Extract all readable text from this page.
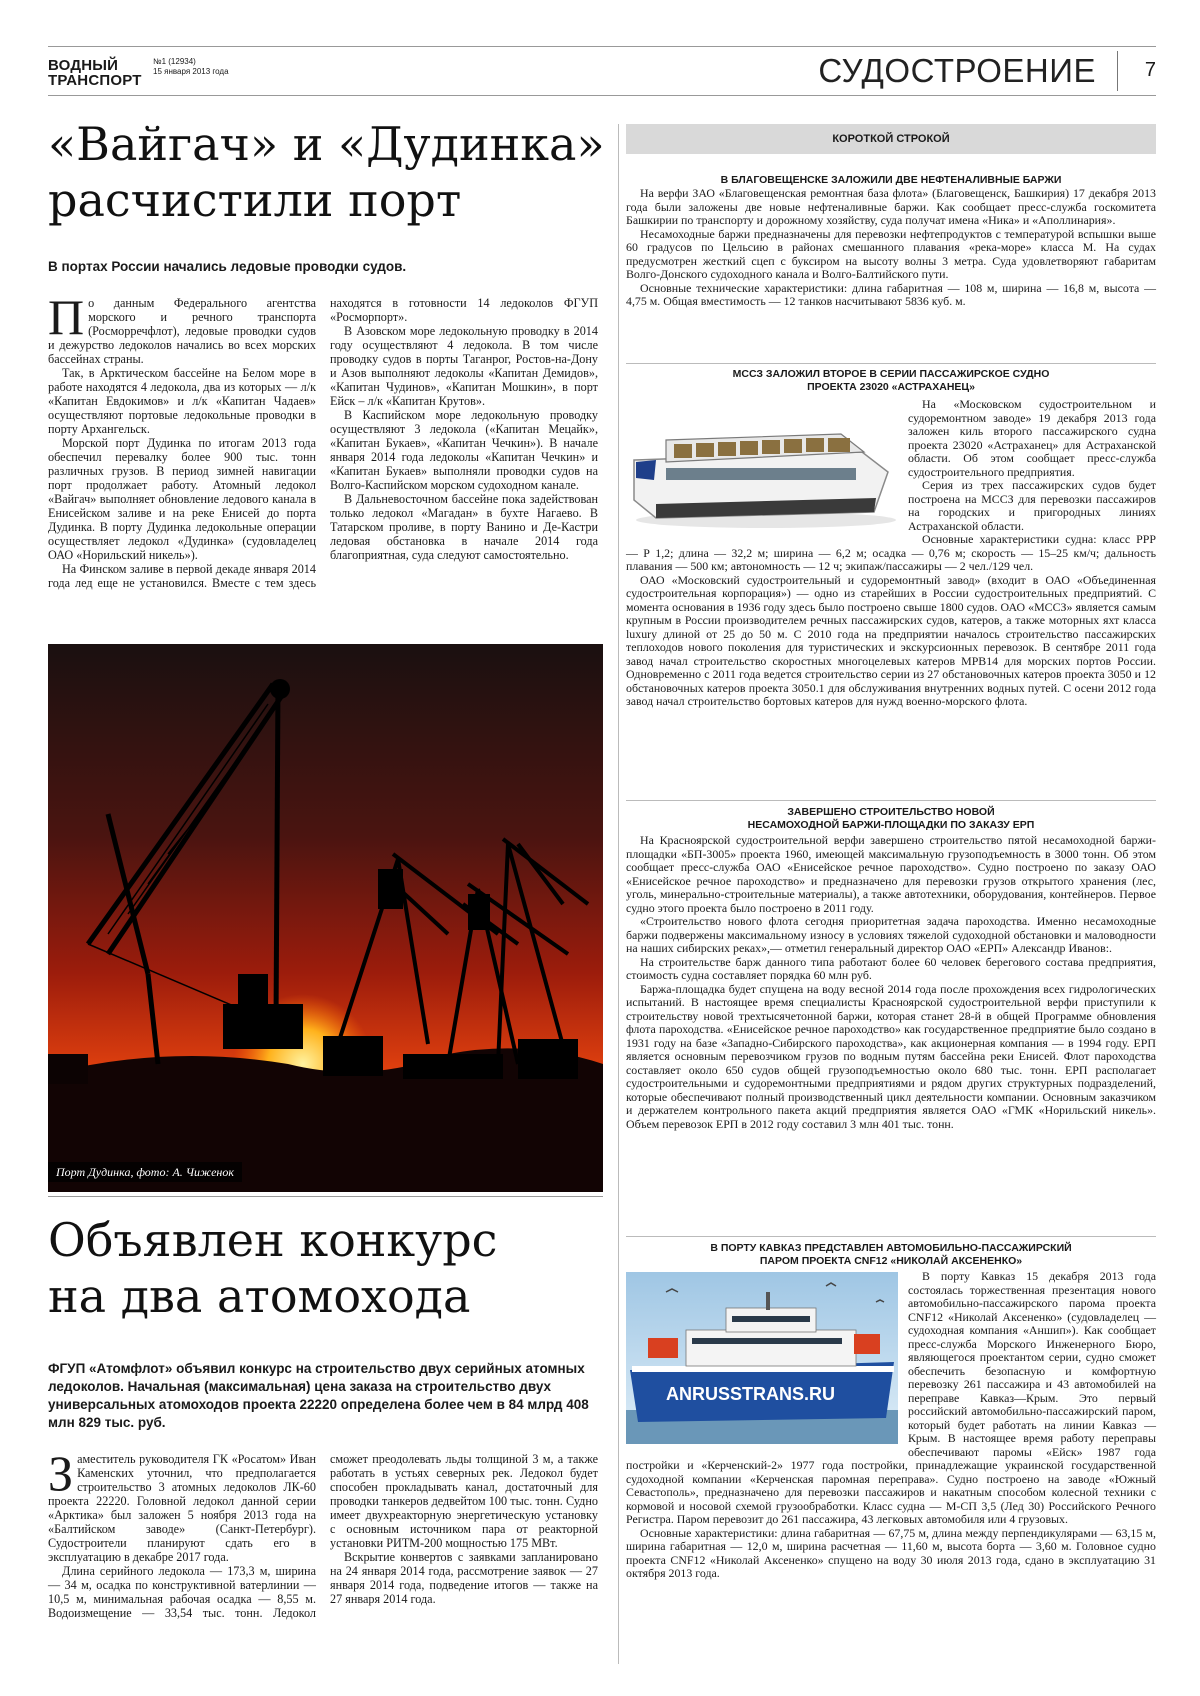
ВОДНЫЙ
ТРАНСПОРТ
№1 (12934)
15 января 2013 года	СУДОСТРОЕНИЕ	7
«Вайгач» и «Дудинка»
расчистили порт
В портах России начались ледовые проводки судов.

По данным Федерального агентства морского и речного транспорта (Росморречфлот), ледовые проводки судов и дежурство ледоколов начались во всех морских бассейнах страны.

Так, в Арктическом бассейне на Белом море в работе находятся 4 ледокола, два из которых — л/к «Капитан Евдокимов» и л/к «Капитан Чадаев» осуществляют портовые ледокольные проводки в порту Архангельск.

Морской порт Дудинка по итогам 2013 года обеспечил перевалку более 900 тыс. тонн различных грузов. В период зимней навигации порт продолжает работу. Атомный ледокол «Вайгач» выполняет обновление ледового канала в Енисейском заливе и на реке Енисей до порта Дудинка. В порту Дудинка ледокольные операции осуществляет ледокол «Дудинка» (судовладелец ОАО «Норильский никель»).

На Финском заливе в первой декаде января 2014 года лед еще не установился. Вместе с тем здесь находятся в готовности 14 ледоколов ФГУП «Росморпорт».

В Азовском море ледокольную проводку в 2014 году осуществляют 4 ледокола. В том числе проводку судов в порты Таганрог, Ростов-на-Дону и Азов выполняют ледоколы «Капитан Демидов», «Капитан Чудинов», «Капитан Мошкин», в порт Ейск – л/к «Капитан Крутов».

В Каспийском море ледокольную проводку осуществляют 3 ледокола («Капитан Мецайк», «Капитан Букаев», «Капитан Чечкин»). В начале января 2014 года ледоколы «Капитан Чечкин» и «Капитан Букаев» выполняли проводки судов на Волго-Каспийском морском судоходном канале.

В Дальневосточном бассейне пока задействован только ледокол «Магадан» в бухте Нагаево. В Татарском проливе, в порту Ванино и Де-Кастри ледовая обстановка в начале 2014 года благоприятная, суда следуют самостоятельно.

Порт Дудинка, фото: А. Чиженок
Объявлен конкурс
на два атомохода
ФГУП «Атомфлот» объявил конкурс на строительство двух серийных атомных ледоколов. Начальная (максимальная) цена заказа на строительство двух универсальных атомоходов проекта 22220 определена более чем в 84 млрд 408 млн 829 тыс. руб.

Заместитель руководителя ГК «Росатом» Иван Каменских уточнил, что предполагается строительство 3 атомных ледоколов ЛК-60 проекта 22220. Головной ледокол данной серии «Арктика» был заложен 5 ноября 2013 года на «Балтийском заводе» (Санкт-Петербург). Судостроители планируют сдать его в эксплуатацию в декабре 2017 года.

Длина серийного ледокола — 173,3 м, ширина — 34 м, осадка по конструктивной ватерлинии — 10,5 м, минимальная рабочая осадка — 8,55 м. Водоизмещение — 33,54 тыс. тонн. Ледокол сможет преодолевать льды толщиной 3 м, а также работать в устьях северных рек. Ледокол будет способен прокладывать канал, достаточный для проводки танкеров дедвейтом 100 тыс. тонн. Судно имеет двухреакторную энергетическую установку с основным источником пара от реакторной установки РИТМ-200 мощностью 175 МВт.

Вскрытие конвертов с заявками запланировано на 24 января 2014 года, рассмотрение заявок — 27 января 2014 года, подведение итогов — также на 27 января 2014 года.

КОРОТКОЙ СТРОКОЙ
В БЛАГОВЕЩЕНСКЕ ЗАЛОЖИЛИ ДВЕ НЕФТЕНАЛИВНЫЕ БАРЖИ

На верфи ЗАО «Благовещенская ремонтная база флота» (Благовещенск, Башкирия) 17 декабря 2013 года были заложены две новые нефтеналивные баржи. Как сообщает пресс-служба госкомитета Башкирии по транспорту и дорожному хозяйству, суда получат имена «Ника» и «Аполлинария».

Несамоходные баржи предназначены для перевозки нефтепродуктов с температурой вспышки выше 60 градусов по Цельсию в районах смешанного плавания «река-море» класса М. На судах предусмотрен жесткий сцеп с буксиром на высоту волны 3 метра. Суда удовлетворяют габаритам Волго-Донского судоходного канала и Волго-Балтийского пути.

Основные технические характеристики: длина габаритная — 108 м, ширина — 16,8 м, высота — 4,75 м. Общая вместимость — 12 танков насчитывают 5836 куб. м.

МССЗ ЗАЛОЖИЛ ВТОРОЕ В СЕРИИ ПАССАЖИРСКОЕ СУДНО
ПРОЕКТА 23020 «АСТРАХАНЕЦ»

На «Московском судостроительном и судоремонтном заводе» 19 декабря 2013 года заложен киль второго пассажирского судна проекта 23020 «Астраханец» для Астраханской области. Об этом сообщает пресс-служба судостроительного предприятия.

Серия из трех пассажирских судов будет построена на МССЗ для перевозки пассажиров на городских и пригородных линиях Астраханской области.

Основные характеристики судна: класс РРР — Р 1,2; длина — 32,2 м; ширина — 6,2 м; осадка — 0,76 м; скорость — 15–25 км/ч; дальность плавания — 500 км; автономность — 12 ч; экипаж/пассажиры — 2 чел./129 чел.

ОАО «Московский судостроительный и судоремонтный завод» (входит в ОАО «Объединенная судостроительная корпорация») — одно из старейших в России судостроительных предприятий. С момента основания в 1936 году здесь было построено свыше 1800 судов. ОАО «МССЗ» является самым крупным в России производителем речных пассажирских судов, катеров, а также моторных яхт класса luxury длиной от 25 до 50 м. С 2010 года на предприятии началось строительство пассажирских теплоходов нового поколения для туристических и экскурсионных перевозок. В сентябре 2011 года завод начал строительство скоростных многоцелевых катеров МРВ14 для морских портов России. Одновременно с 2011 года ведется строительство серии из 27 обстановочных катеров проекта 3050 и 12 обстановочных катеров проекта 3050.1 для обслуживания внутренних водных путей. С осени 2012 года завод начал строительство бортовых катеров для нужд военно-морского флота.

ЗАВЕРШЕНО СТРОИТЕЛЬСТВО НОВОЙ
НЕСАМОХОДНОЙ БАРЖИ-ПЛОЩАДКИ ПО ЗАКАЗУ ЕРП

На Красноярской судостроительной верфи завершено строительство пятой несамоходной баржи-площадки «БП-3005» проекта 1960, имеющей максимальную грузоподъемность в 3000 тонн. Об этом сообщает пресс-служба ОАО «Енисейское речное пароходство». Судно построено по заказу ОАО «Енисейское речное пароходство» и предназначено для перевозки грузов открытого хранения (лес, уголь, минерально-строительные материалы), а также автотехники, оборудования, контейнеров. Первое судно этого проекта было построено в 2011 году.

«Строительство нового флота сегодня приоритетная задача пароходства. Именно несамоходные баржи подвержены максимальному износу в условиях тяжелой судоходной обстановки и маловодности на наших сибирских реках»,— отметил генеральный директор ОАО «ЕРП» Александр Иванов:.

На строительстве барж данного типа работают более 60 человек берегового состава предприятия, стоимость судна составляет порядка 60 млн руб.

Баржа-площадка будет спущена на воду весной 2014 года после прохождения всех гидрологических испытаний. В настоящее время специалисты Красноярской судостроительной верфи приступили к строительству новой трехтысячетонной баржи, которая станет 28-й в общей Программе обновления флота пароходства. «Енисейское речное пароходство» как государственное предприятие было создано в 1931 году на базе «Западно-Сибирского пароходства», как акционерная компания — в 1994 году. ЕРП является основным перевозчиком грузов по водным путям бассейна реки Енисей. Флот пароходства составляет около 650 судов общей грузоподъемностью около 680 тыс. тонн. ЕРП располагает судостроительными и судоремонтными предприятиями и рядом других структурных подразделений, которые обеспечивают полный производственный цикл деятельности компании. Основным заказчиком и держателем контрольного пакета акций предприятия является ОАО «ГМК «Норильский никель». Объем перевозок ЕРП в 2012 году составил 3 млн 401 тыс. тонн.

В ПОРТУ КАВКАЗ ПРЕДСТАВЛЕН АВТОМОБИЛЬНО-ПАССАЖИРСКИЙ
ПАРОМ ПРОЕКТА CNF12 «НИКОЛАЙ АКСЕНЕНКО»
ANRUSSTRANS.RU

В порту Кавказ 15 декабря 2013 года состоялась торжественная презентация нового автомобильно-пассажирского парома проекта CNF12 «Николай Аксененко» (судовладелец — судоходная компания «Аншип»). Как сообщает пресс-служба Морского Инженерного Бюро, являющегося проектантом серии, судно сможет обеспечить безопасную и комфортную перевозку 261 пассажира и 43 автомобилей на переправе Кавказ—Крым. Это первый российский автомобильно-пассажирский паром, который будет работать на линии Кавказ — Крым. В настоящее время работу переправы обеспечивают паромы «Ейск» 1987 года постройки и «Керченский-2» 1977 года постройки, принадлежащие украинской государственной судоходной компании «Керченская паромная переправа». Судно построено на заводе «Южный Севастополь», предназначено для перевозки пассажиров и накатным способом колесной техники с кормовой и носовой схемой грузообработки. Класс судна — М-СП 3,5 (Лед 30) Российского Речного Регистра. Паром перевозит до 261 пассажира, 43 легковых автомобиля или 4 грузовых.

Основные характеристики: длина габаритная — 67,75 м, длина между перпендикулярами — 63,15 м, ширина габаритная — 12,0 м, ширина расчетная — 11,60 м, высота борта — 3,60 м. Головное судно проекта CNF12 «Николай Аксененко» спущено на воду 30 июля 2013 года, сдано в эксплуатацию 31 октября 2013 года.
